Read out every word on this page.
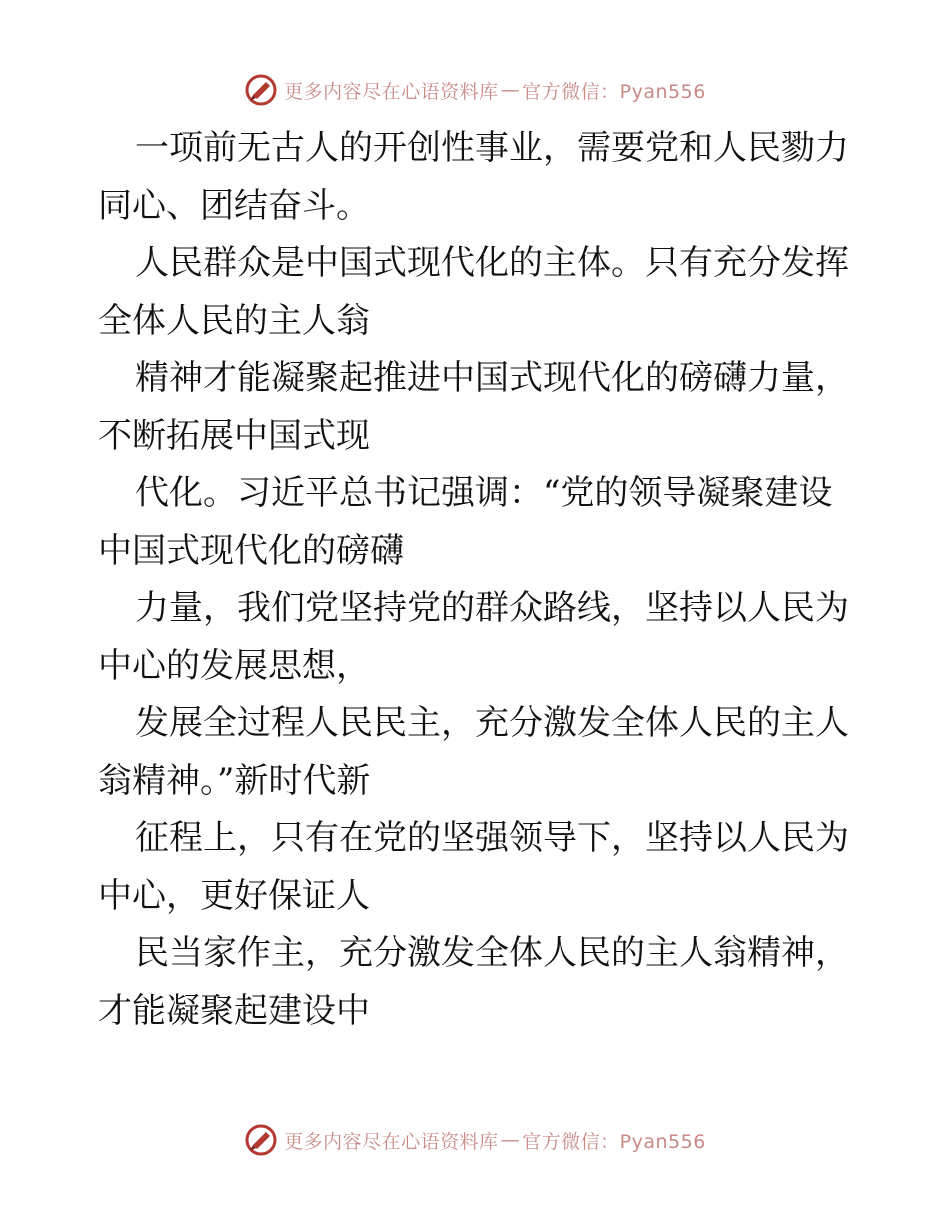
更多内容尽在心语资料库 — 官方微信：Pyan556
一项前无古人的开创性事业，需要党和人民勠力
同心、团结奋斗。
人民群众是中国式现代化的主体。只有充分发挥
全体人民的主人翁
精神才能凝聚起推进中国式现代化的磅礴力量，
不断拓展中国式现
代化。习近平总书记强调：“党的领导凝聚建设
中国式现代化的磅礴
力量，我们党坚持党的群众路线，坚持以人民为
中心的发展思想，
发展全过程人民民主，充分激发全体人民的主人
翁精神。”新时代新
征程上，只有在党的坚强领导下，坚持以人民为
中心，更好保证人
民当家作主，充分激发全体人民的主人翁精神，
才能凝聚起建设中
更多内容尽在心语资料库 — 官方微信：Pyan556
